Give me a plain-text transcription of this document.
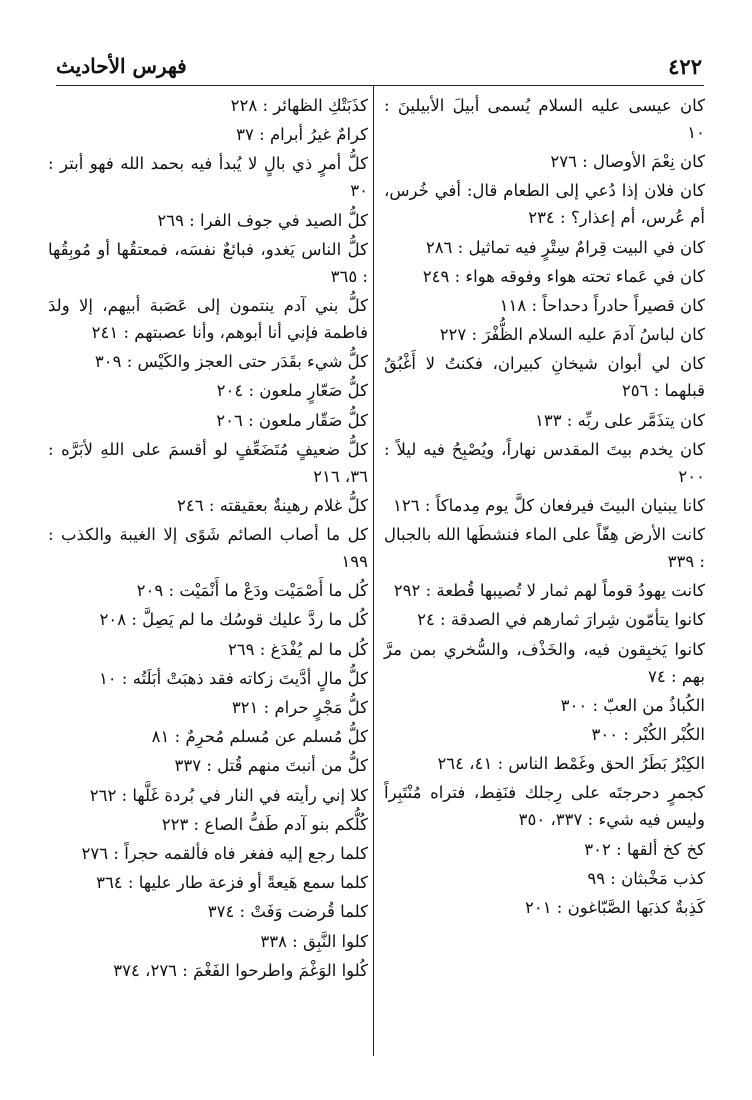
٤٢٢
فهرس الأحاديث

كان عيسى عليه السلام يُسمى أبيلَ الأبيلينَ : ١٠

كان نِعْمَ الأوصال : ٢٧٦

كان فلان إذا دُعي إلى الطعام قال: أفي خُرس، أم عُرس، أم إعذار؟ : ٢٣٤

كان في البيت قِرامٌ سِتْرٍ فيه تماثيل : ٢٨٦

كان في عَماء تحته هواء وفوقه هواء : ٢٤٩

كان قصيراً حادراً دحداحاً : ١١٨

كان لباسُ آدمَ عليه السلام الظُّفْرَ : ٢٢٧

كان لي أبوان شيخانِ كبيران، فكنتُ لا أَغْبُقُ قبلهما : ٢٥٦

كان يتذَمَّر على ربِّه : ١٣٣

كان يخدم بيتَ المقدس نهاراً، ويُصْبِحُ فيه ليلاً : ٢٠٠

كانا يبنيان البيتَ فيرفعان كلَّ يوم مِدماكاً : ١٢٦

كانت الأرض هِفّاً على الماء فنشطَها الله بالجبال : ٣٣٩

كانت يهودُ قوماً لهم ثمار لا تُصيبها قُطعة : ٢٩٢

كانوا يتأمّون شِرارَ ثمارهم في الصدقة : ٢٤

كانوا يَخبِقون فيه، والخَذْف، والسُّخري بمن مرَّ بهم : ٧٤

الكُباذُ من العبّ : ٣٠٠

الكُبْر الكُبْر : ٣٠٠

الكِبْرُ بَطَرُ الحق وغَمْط الناس : ٤١، ٢٦٤

كجمرٍ دحرجتَه على رِجلك فنَفِط، فتراه مُنْتَبِراً وليس فيه شيء : ٣٣٧، ٣٥٠

كخ كخ ألقها : ٣٠٢

كذب مَخْبثان : ٩٩

كَذِبةٌ كذبَها الصَّبّاغون : ٢٠١

كذَبَتْكِ الظهائر : ٢٢٨

كرامٌ غيرُ أبرام : ٣٧

كلُّ أمرٍ ذي بالٍ لا يُبدأ فيه بحمد الله فهو أبتر : ٣٠

كلُّ الصيد في جوف الفرا : ٢٦٩

كلُّ الناس يَغدو، فبائعٌ نفسَه، فمعتقُها أو مُوبِقُها : ٣٦٥

كلُّ بني آدم ينتمون إلى عَصَبة أبيهم، إلا ولدَ فاطمة فإني أنا أبوهم، وأنا عصبتهم : ٢٤١

كلُّ شيء بقَدَر حتى العجز والكَيْس : ٣٠٩

كلُّ صَعّارٍ ملعون : ٢٠٤

كلُّ صَقّار ملعون : ٢٠٦

كلُّ ضعيفٍ مُتَضَعِّفٍ لو أقسمَ على اللهِ لأبَرَّه : ٣٦، ٢١٦

كلُّ غلام رهينةٌ بعقيقته : ٢٤٦

كل ما أصاب الصائم شَوًى إلا الغيبة والكذب : ١٩٩

كُل ما أَصْمَيْت ودَعْ ما أَنْمَيْت : ٢٠٩

كُل ما ردَّ عليك قوسُك ما لم يَصِلَّ : ٢٠٨

كُل ما لم يُفْدَغ : ٢٦٩

كلُّ مالٍ أدَّيتَ زكاته فقد ذهبَتْ أبَلَتُه : ١٠

كلُّ مَجْرٍ حرام : ٣٢١

كلُّ مُسلم عن مُسلم مُحرِمٌ : ٨١

كلُّ من أنبتَ منهم قُتل : ٣٣٧

كلا إني رأيته في النار في بُردة غَلَّها : ٢٦٢

كُلُّكم بنو آدم طَفُّ الصاع : ٢٢٣

كلما رجع إليه ففغر فاه فألقمه حجراً : ٢٧٦

كلما سمع هَيعةً أو فزعة طار عليها : ٣٦٤

كلما قُرضت وَفَتْ : ٣٧٤

كلوا النَّبِق : ٣٣٨

كُلوا الوَغْمَ واطرحوا الفَغْمَ : ٢٧٦، ٣٧٤
